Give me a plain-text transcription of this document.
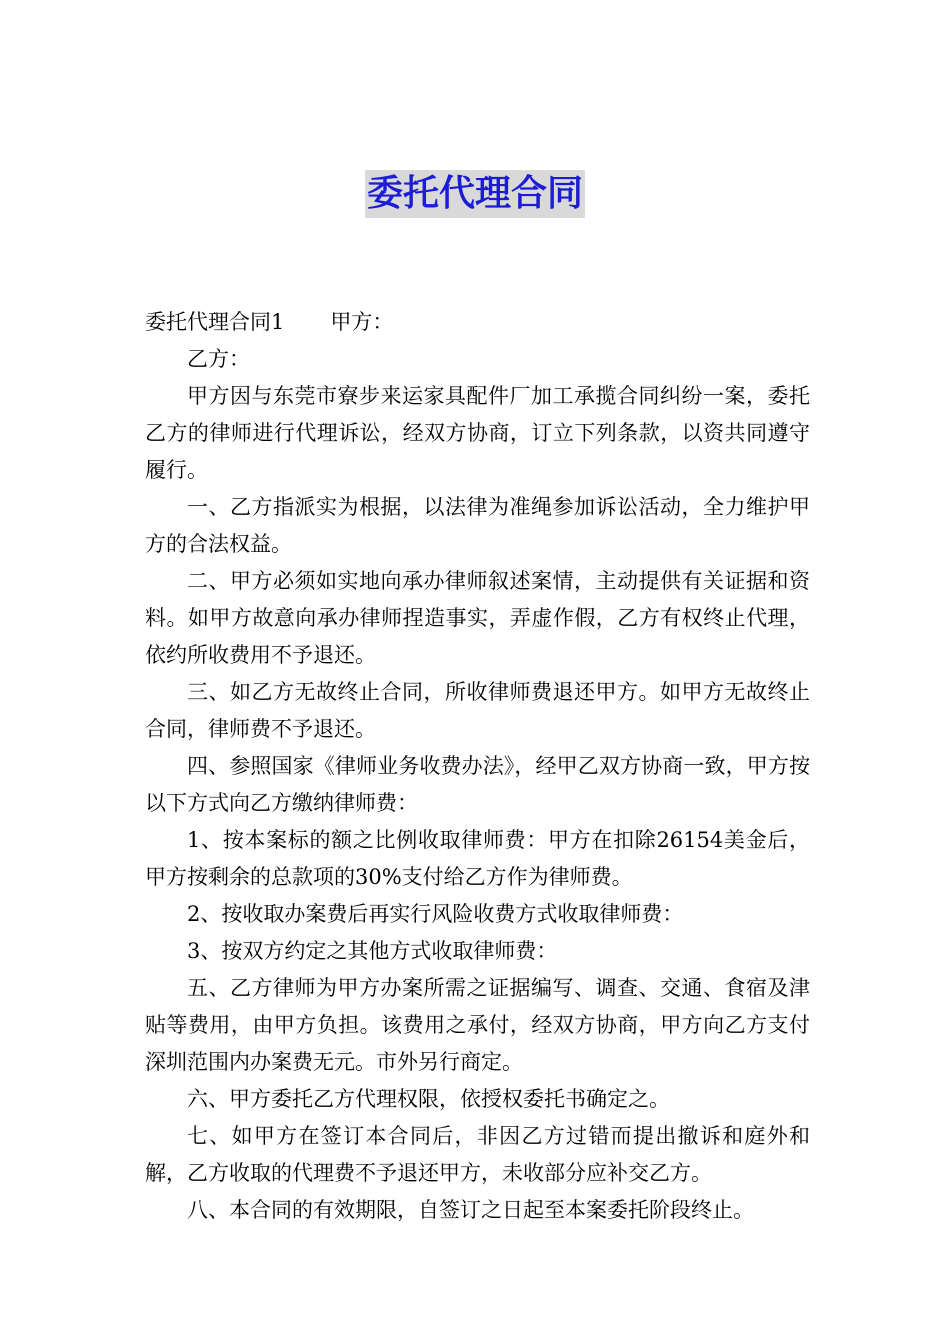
委托代理合同

委托代理合同1 甲方：

乙方：

甲方因与东莞市寮步来运家具配件厂加工承揽合同纠纷一案，委托乙方的律师进行代理诉讼，经双方协商，订立下列条款，以资共同遵守履行。

一、乙方指派实为根据，以法律为准绳参加诉讼活动，全力维护甲方的合法权益。

二、甲方必须如实地向承办律师叙述案情，主动提供有关证据和资料。如甲方故意向承办律师捏造事实，弄虚作假，乙方有权终止代理，依约所收费用不予退还。

三、如乙方无故终止合同，所收律师费退还甲方。如甲方无故终止合同，律师费不予退还。

四、参照国家《律师业务收费办法》，经甲乙双方协商一致，甲方按以下方式向乙方缴纳律师费：

1、按本案标的额之比例收取律师费：甲方在扣除26154美金后，甲方按剩余的总款项的30%支付给乙方作为律师费。

2、按收取办案费后再实行风险收费方式收取律师费：

3、按双方约定之其他方式收取律师费：

五、乙方律师为甲方办案所需之证据编写、调查、交通、食宿及津贴等费用，由甲方负担。该费用之承付，经双方协商，甲方向乙方支付深圳范围内办案费无元。市外另行商定。

六、甲方委托乙方代理权限，依授权委托书确定之。

七、如甲方在签订本合同后，非因乙方过错而提出撤诉和庭外和解，乙方收取的代理费不予退还甲方，未收部分应补交乙方。

八、本合同的有效期限，自签订之日起至本案委托阶段终止。
